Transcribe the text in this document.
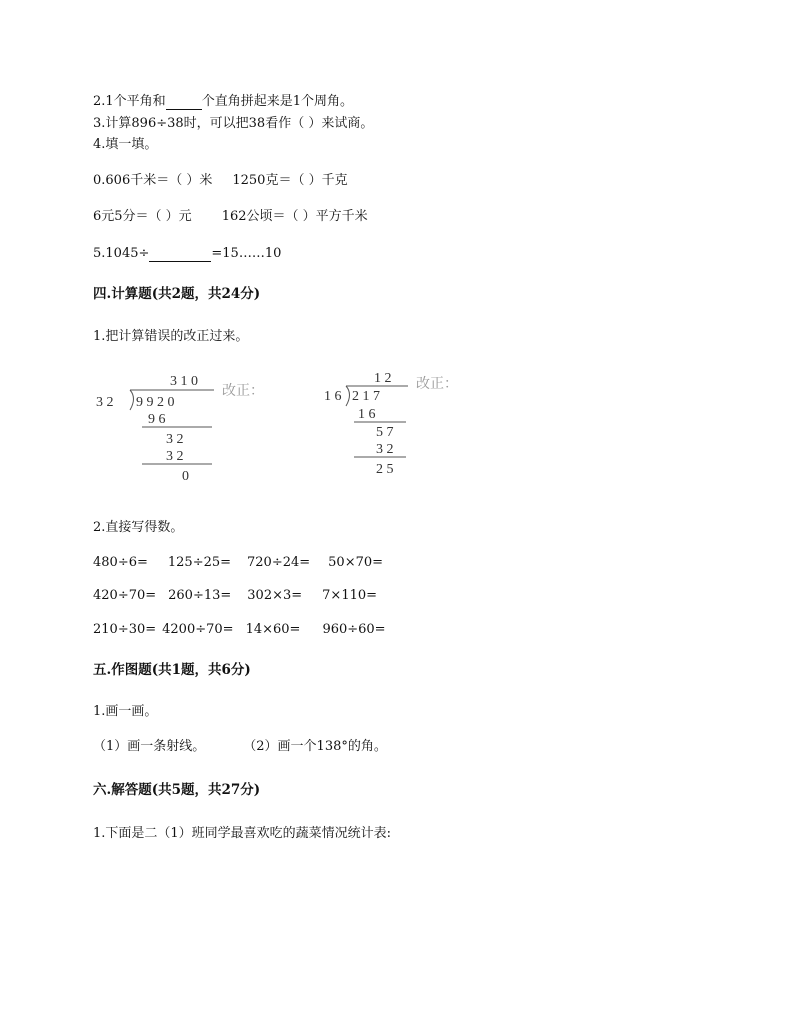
2.1个平角和	个直角拼起来是1个周角。
3.计算896÷38时，可以把38看作（ ）来试商。
4.填一填。
0.606千米＝（ ）米 1250克＝（ ）千克
6元5分＝（ ）元 162公顷＝（ ）平方千米
5.1045÷	=15……10
四.计算题(共2题，共24分)
1.把计算错误的改正过来。
3 1 0
3 2 9 9 2 0
改正：
9 6
3 2
3 2
0
1 2
1 6 2 1 7
改正：
1 6
5 7
3 2
2 5
2.直接写得数。
480÷6= 125÷25= 720÷24= 50×70=
420÷70= 260÷13= 302×3= 7×110=
210÷30= 4200÷70= 14×60= 960÷60=
五.作图题(共1题，共6分)
1.画一画。
（1）画一条射线。	（2）画一个138°的角。
六.解答题(共5题，共27分)
1.下面是二（1）班同学最喜欢吃的蔬菜情况统计表:
